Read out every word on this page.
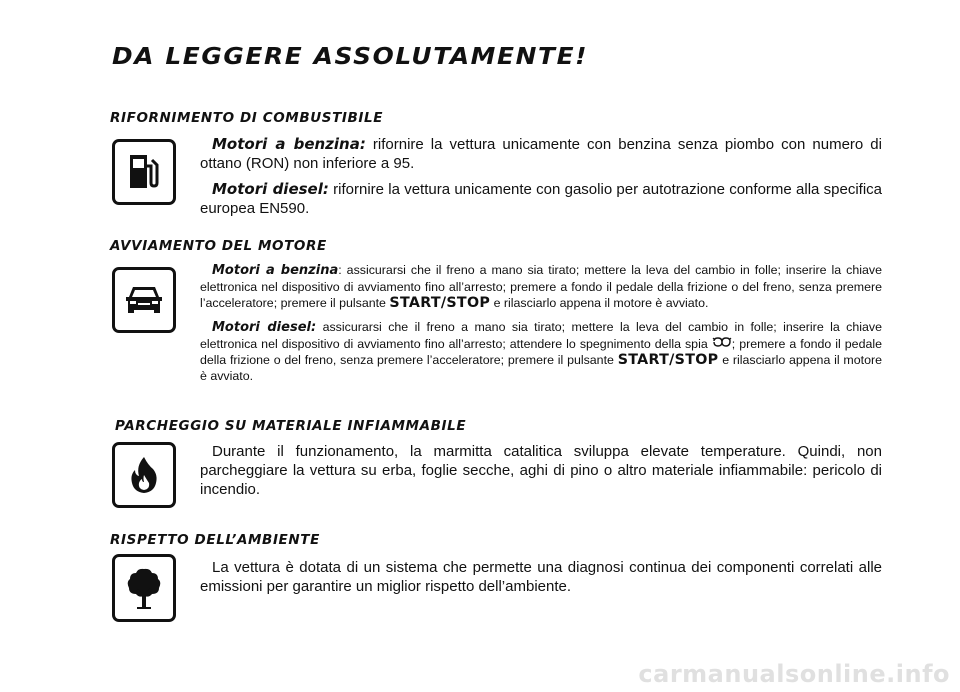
DA LEGGERE ASSOLUTAMENTE!
RIFORNIMENTO DI COMBUSTIBILE

Motori a benzina: rifornire la vettura unicamente con benzina senza piombo con numero di ottano (RON) non inferiore a 95.

Motori diesel: rifornire la vettura unicamente con gasolio per autotrazione conforme alla specifica europea EN590.

AVVIAMENTO DEL MOTORE

Motori a benzina: assicurarsi che il freno a mano sia tirato; mettere la leva del cambio in folle; inserire la chiave elettronica nel dispositivo di avviamento fino all’arresto; premere a fondo il pedale della frizione o del freno, senza premere l’acceleratore; premere il pulsante START/STOP e rilasciarlo appena il motore è avviato.

Motori diesel: assicurarsi che il freno a mano sia tirato; mettere la leva del cambio in folle; inserire la chiave elettronica nel dispositivo di avviamento fino all’arresto; attendere lo spegnimento della spia ; premere a fondo il pedale della frizione o del freno, senza premere l’acceleratore; premere il pulsante START/STOP e rilasciarlo appena il motore è avviato.

PARCHEGGIO SU MATERIALE INFIAMMABILE

Durante il funzionamento, la marmitta catalitica sviluppa elevate temperature. Quindi, non parcheggiare la vettura su erba, foglie secche, aghi di pino o altro materiale infiammabile: pericolo di incendio.

RISPETTO DELL’AMBIENTE

La vettura è dotata di un sistema che permette una diagnosi continua dei componenti correlati alle emissioni per garantire un miglior rispetto dell’ambiente.

carmanualsonline.info
